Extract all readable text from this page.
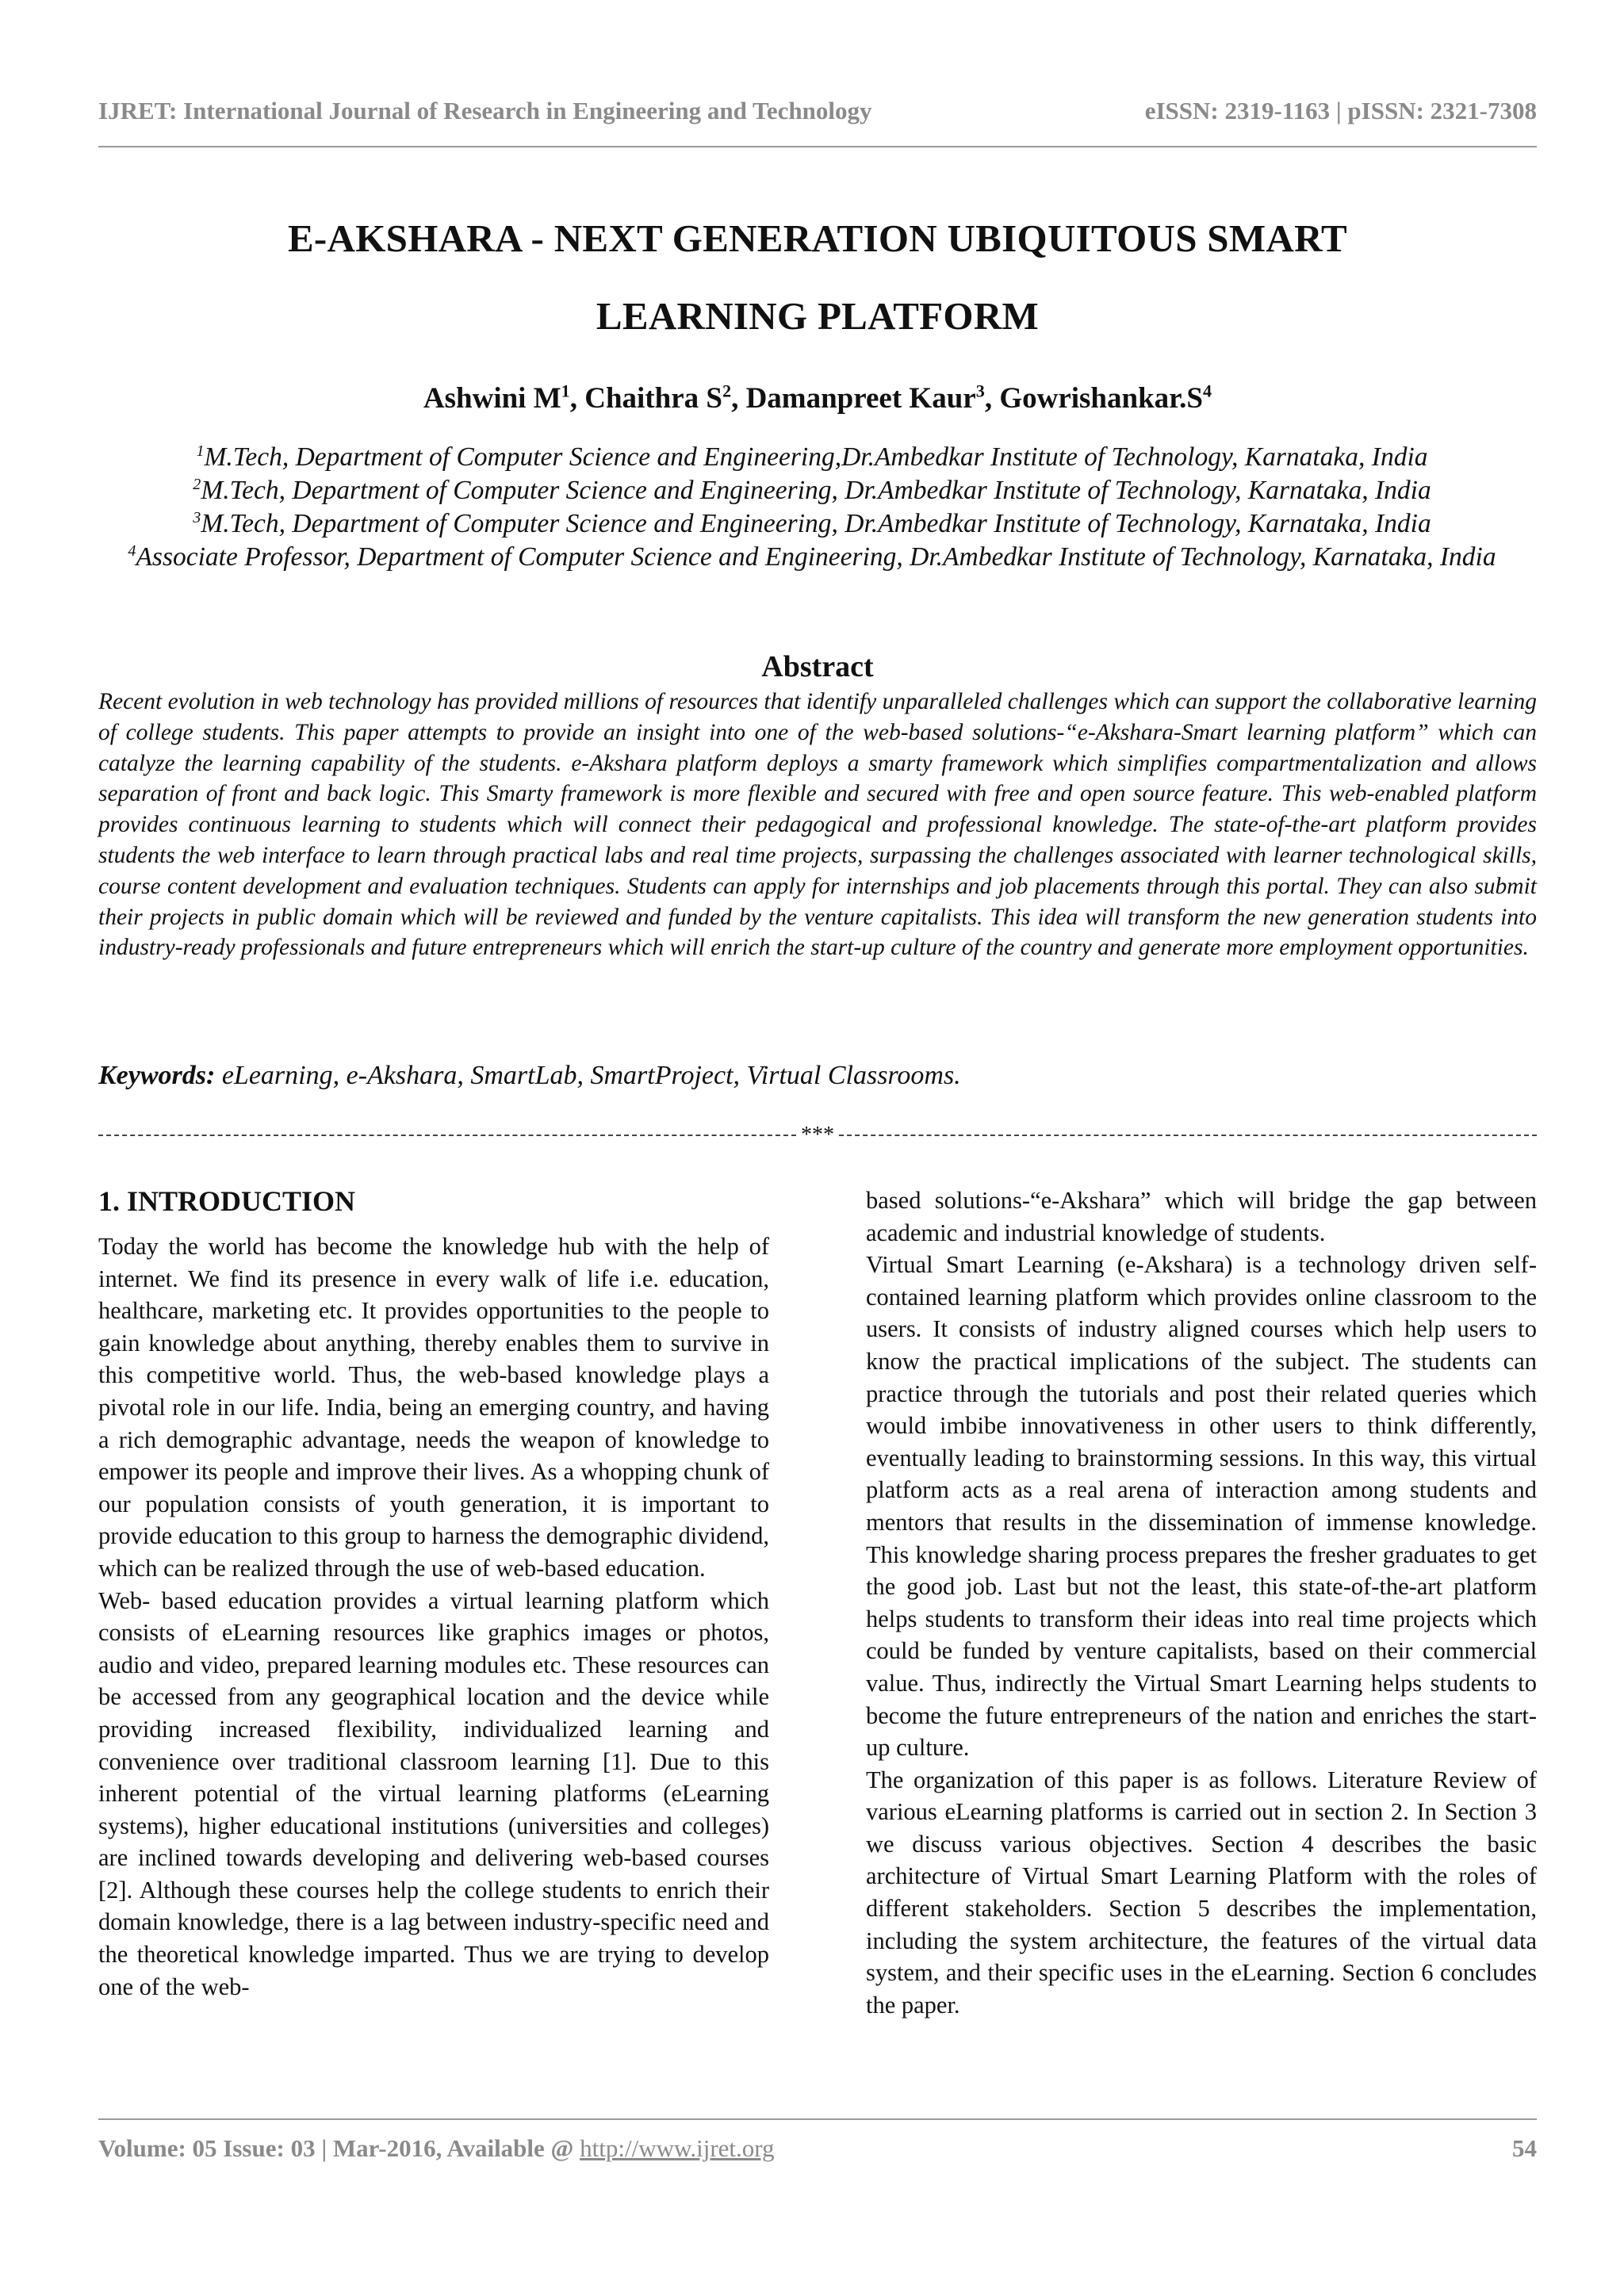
IJRET: International Journal of Research in Engineering and Technology	eISSN: 2319-1163 | pISSN: 2321-7308
E-AKSHARA - NEXT GENERATION UBIQUITOUS SMART
LEARNING PLATFORM
Ashwini $M^1$, Chaithra $S^2$, Damanpreet Kaur$^3$, $Gowrishankar.S^4$

$^1$M.Tech, Department of Computer Science and Engineering,Dr.Ambedkar Institute of Technology, Karnataka, India

$^2$M.Tech, Department of Computer Science and Engineering, Dr.Ambedkar Institute of Technology, Karnataka, India

$^3$M.Tech, Department of Computer Science and Engineering, Dr.Ambedkar Institute of Technology, Karnataka, India

$^4$Associate Professor, Department of Computer Science and Engineering, Dr.Ambedkar Institute of Technology, Karnataka, India

Abstract

Recent evolution in web technology has provided millions of resources that identify unparalleled challenges which can support the collaborative learning of college students. This paper attempts to provide an insight into one of the web-based solutions-“e-Akshara-Smart learning platform” which can catalyze the learning capability of the students. e-Akshara platform deploys a smarty framework which simplifies compartmentalization and allows separation of front and back logic. This Smarty framework is more flexible and secured with free and open source feature. This web-enabled platform provides continuous learning to students which will connect their pedagogical and professional knowledge. The state-of-the-art platform provides students the web interface to learn through practical labs and real time projects, surpassing the challenges associated with learner technological skills, course content development and evaluation techniques. Students can apply for internships and job placements through this portal. They can also submit their projects in public domain which will be reviewed and funded by the venture capitalists. This idea will transform the new generation students into industry-ready professionals and future entrepreneurs which will enrich the start-up culture of the country and generate more employment opportunities.

Keywords: eLearning, e-Akshara, SmartLab, SmartProject, Virtual Classrooms.
***
1. INTRODUCTION

Today the world has become the knowledge hub with the help of internet. We find its presence in every walk of life i.e. education, healthcare, marketing etc. It provides opportunities to the people to gain knowledge about anything, thereby enables them to survive in this competitive world. Thus, the web-based knowledge plays a pivotal role in our life. India, being an emerging country, and having a rich demographic advantage, needs the weapon of knowledge to empower its people and improve their lives. As a whopping chunk of our population consists of youth generation, it is important to provide education to this group to harness the demographic dividend, which can be realized through the use of web-based education.

Web- based education provides a virtual learning platform which consists of eLearning resources like graphics images or photos, audio and video, prepared learning modules etc. These resources can be accessed from any geographical location and the device while providing increased flexibility, individualized learning and convenience over traditional classroom learning [1]. Due to this inherent potential of the virtual learning platforms (eLearning systems), higher educational institutions (universities and colleges) are inclined towards developing and delivering web-based courses [2]. Although these courses help the college students to enrich their domain knowledge, there is a lag between industry-specific need and the theoretical knowledge imparted. Thus we are trying to develop one of the web-

based solutions-“e-Akshara” which will bridge the gap between academic and industrial knowledge of students.

Virtual Smart Learning (e-Akshara) is a technology driven self-contained learning platform which provides online classroom to the users. It consists of industry aligned courses which help users to know the practical implications of the subject. The students can practice through the tutorials and post their related queries which would imbibe innovativeness in other users to think differently, eventually leading to brainstorming sessions. In this way, this virtual platform acts as a real arena of interaction among students and mentors that results in the dissemination of immense knowledge. This knowledge sharing process prepares the fresher graduates to get the good job. Last but not the least, this state-of-the-art platform helps students to transform their ideas into real time projects which could be funded by venture capitalists, based on their commercial value. Thus, indirectly the Virtual Smart Learning helps students to become the future entrepreneurs of the nation and enriches the start-up culture.

The organization of this paper is as follows. Literature Review of various eLearning platforms is carried out in section 2. In Section 3 we discuss various objectives. Section 4 describes the basic architecture of Virtual Smart Learning Platform with the roles of different stakeholders. Section 5 describes the implementation, including the system architecture, the features of the virtual data system, and their specific uses in the eLearning. Section 6 concludes the paper.

Volume: 05 Issue: 03 | Mar-2016, Available @ http://www.ijret.org	54
